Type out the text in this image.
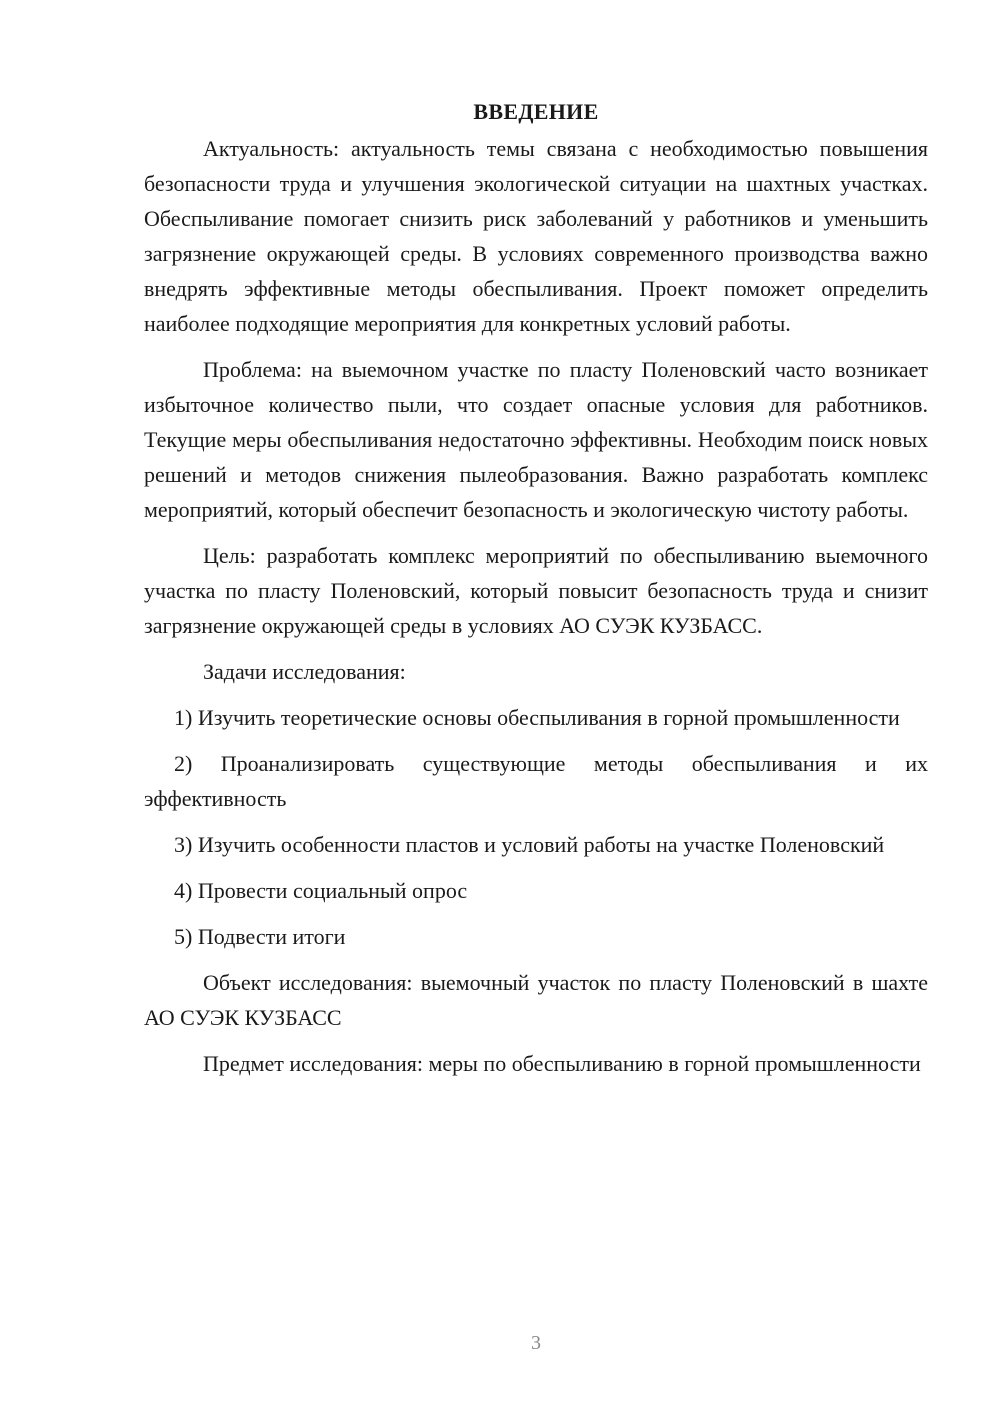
ВВЕДЕНИЕ

Актуальность: актуальность темы связана с необходимостью повышения безопасности труда и улучшения экологической ситуации на шахтных участках. Обеспыливание помогает снизить риск заболеваний у работников и уменьшить загрязнение окружающей среды. В условиях современного производства важно внедрять эффективные методы обеспыливания. Проект поможет определить наиболее подходящие мероприятия для конкретных условий работы.

Проблема: на выемочном участке по пласту Поленовский часто возникает избыточное количество пыли, что создает опасные условия для работников. Текущие меры обеспыливания недостаточно эффективны. Необходим поиск новых решений и методов снижения пылеобразования. Важно разработать комплекс мероприятий, который обеспечит безопасность и экологическую чистоту работы.

Цель: разработать комплекс мероприятий по обеспыливанию выемочного участка по пласту Поленовский, который повысит безопасность труда и снизит загрязнение окружающей среды в условиях АО СУЭК КУЗБАСС.

Задачи исследования:

1) Изучить теоретические основы обеспыливания в горной промышленности

2) Проанализировать существующие методы обеспыливания и их эффективность

3) Изучить особенности пластов и условий работы на участке Поленовский

4) Провести социальный опрос

5) Подвести итоги

Объект исследования: выемочный участок по пласту Поленовский в шахте АО СУЭК КУЗБАСС

Предмет исследования: меры по обеспыливанию в горной промышленности

3
